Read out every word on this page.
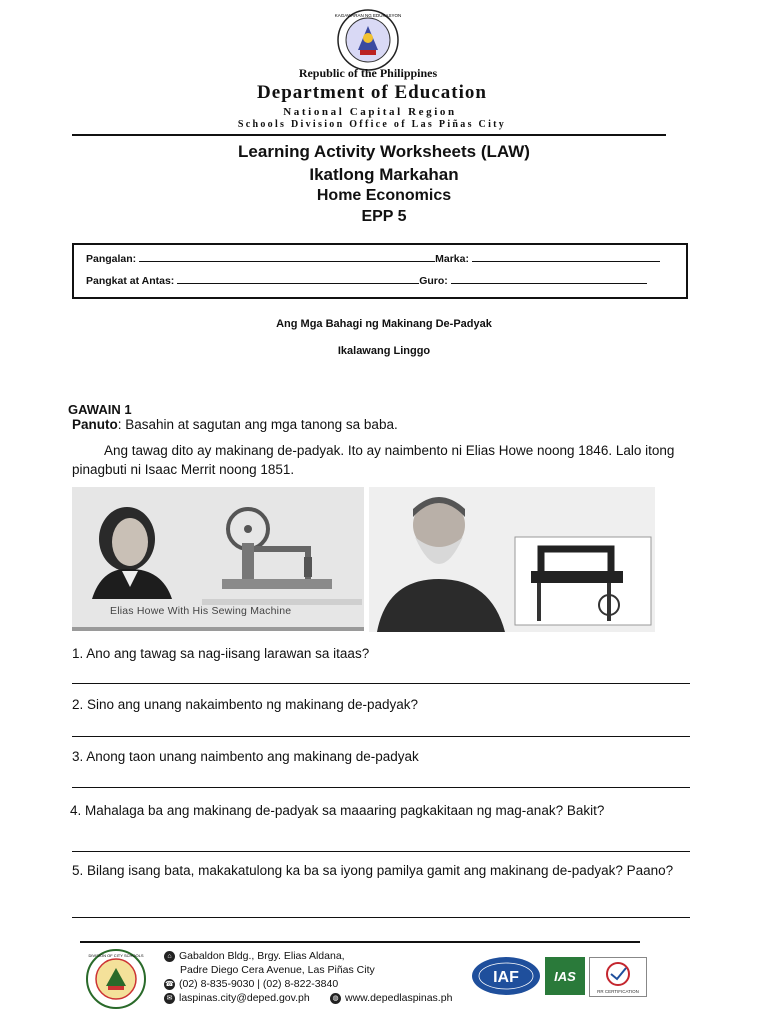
KAGAWARAN NG EDUKASYON
Republic of the Philippines
Department of Education
National Capital Region
Schools Division Office of Las Piñas City
Learning Activity Worksheets (LAW)
Ikatlong Markahan
Home Economics
EPP 5
Pangalan:	Marka:
Pangkat at Antas:	Guro:
Ang Mga Bahagi ng Makinang De-Padyak
Ikalawang Linggo
GAWAIN 1
Panuto: Basahin at sagutan ang mga tanong sa baba.
Ang tawag dito ay makinang de-padyak. Ito ay naimbento ni Elias Howe noong 1846. Lalo itong pinagbuti ni Isaac Merrit noong 1851.
Elias Howe With His Sewing Machine
1. Ano ang tawag sa nag-iisang larawan sa itaas?
2. Sino ang unang nakaimbento ng makinang de-padyak?
3. Anong taon unang naimbento ang makinang de-padyak
4. Mahalaga ba ang makinang de-padyak sa maaaring pagkakitaan ng mag-anak? Bakit?
5. Bilang isang bata, makakatulong ka ba sa iyong pamilya gamit ang makinang de-padyak? Paano?
DIVISION OF CITY SCHOOLS	⌂ Gabaldon Bldg., Brgy. Elias Aldana,
Padre Diego Cera Avenue, Las Piñas City
☎ (02) 8-835-9030 | (02) 8-822-3840
✉ laspinas.city@deped.gov.ph	◍ www.depedlaspinas.ph
IAF	IAS
RR CERTIFICATION
